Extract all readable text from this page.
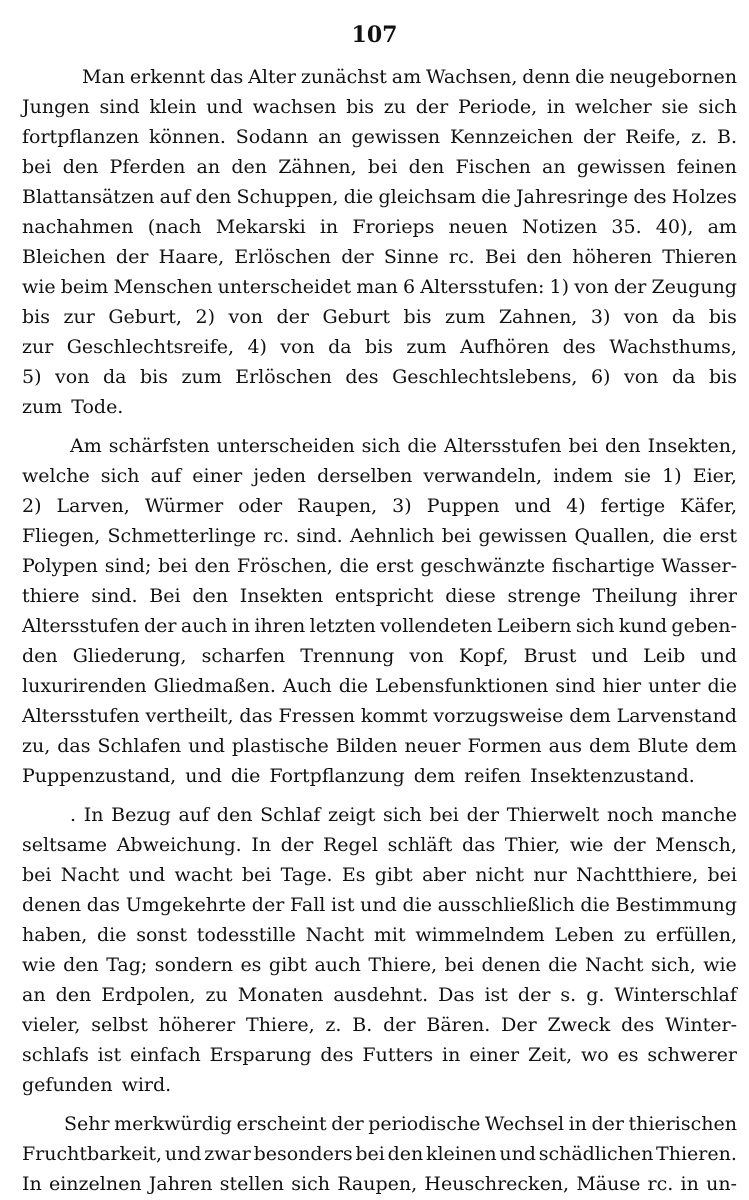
107
Man erkennt das Alter zunächst am Wachsen, denn die neugebornen
Jungen sind klein und wachsen bis zu der Periode, in welcher sie sich
fortpflanzen können. Sodann an gewissen Kennzeichen der Reife, z. B.
bei den Pferden an den Zähnen, bei den Fischen an gewissen feinen
Blattansätzen auf den Schuppen, die gleichsam die Jahresringe des Holzes
nachahmen (nach Mekarski in Frorieps neuen Notizen 35. 40), am
Bleichen der Haare, Erlöschen der Sinne rc. Bei den höheren Thieren
wie beim Menschen unterscheidet man 6 Altersstufen: 1) von der Zeugung
bis zur Geburt, 2) von der Geburt bis zum Zahnen, 3) von da bis
zur Geschlechtsreife, 4) von da bis zum Aufhören des Wachsthums,
5) von da bis zum Erlöschen des Geschlechtslebens, 6) von da bis
zum Tode.
Am schärfsten unterscheiden sich die Altersstufen bei den Insekten,
welche sich auf einer jeden derselben verwandeln, indem sie 1) Eier,
2) Larven, Würmer oder Raupen, 3) Puppen und 4) fertige Käfer,
Fliegen, Schmetterlinge rc. sind. Aehnlich bei gewissen Quallen, die erst
Polypen sind; bei den Fröschen, die erst geschwänzte fischartige Wasser-
thiere sind. Bei den Insekten entspricht diese strenge Theilung ihrer
Altersstufen der auch in ihren letzten vollendeten Leibern sich kund geben-
den Gliederung, scharfen Trennung von Kopf, Brust und Leib und
luxurirenden Gliedmaßen. Auch die Lebensfunktionen sind hier unter die
Altersstufen vertheilt, das Fressen kommt vorzugsweise dem Larvenstand
zu, das Schlafen und plastische Bilden neuer Formen aus dem Blute dem
Puppenzustand, und die Fortpflanzung dem reifen Insektenzustand.
. In Bezug auf den Schlaf zeigt sich bei der Thierwelt noch manche
seltsame Abweichung. In der Regel schläft das Thier, wie der Mensch,
bei Nacht und wacht bei Tage. Es gibt aber nicht nur Nachtthiere, bei
denen das Umgekehrte der Fall ist und die ausschließlich die Bestimmung
haben, die sonst todesstille Nacht mit wimmelndem Leben zu erfüllen,
wie den Tag; sondern es gibt auch Thiere, bei denen die Nacht sich, wie
an den Erdpolen, zu Monaten ausdehnt. Das ist der s. g. Winterschlaf
vieler, selbst höherer Thiere, z. B. der Bären. Der Zweck des Winter-
schlafs ist einfach Ersparung des Futters in einer Zeit, wo es schwerer
gefunden wird.
Sehr merkwürdig erscheint der periodische Wechsel in der thierischen
Fruchtbarkeit, und zwar besonders bei den kleinen und schädlichen Thieren.
In einzelnen Jahren stellen sich Raupen, Heuschrecken, Mäuse rc. in un-
